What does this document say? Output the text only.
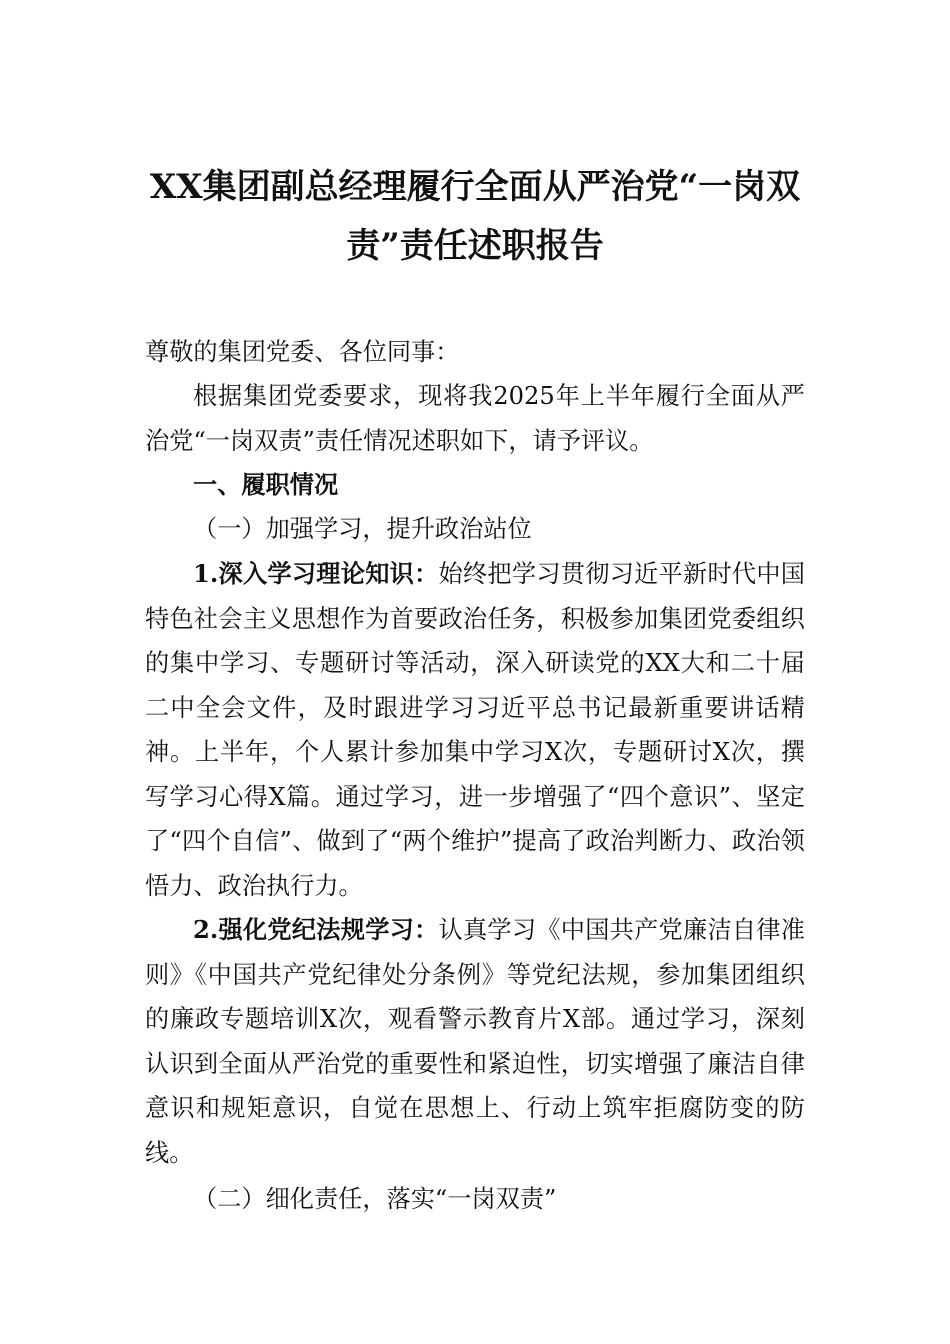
XX集团副总经理履行全面从严治党“一岗双责”责任述职报告

尊敬的集团党委、各位同事：

根据集团党委要求，现将我2025年上半年履行全面从严治党“一岗双责”责任情况述职如下，请予评议。

一、履职情况

（一）加强学习，提升政治站位

1.深入学习理论知识：始终把学习贯彻习近平新时代中国特色社会主义思想作为首要政治任务，积极参加集团党委组织的集中学习、专题研讨等活动，深入研读党的XX大和二十届二中全会文件，及时跟进学习习近平总书记最新重要讲话精神。上半年，个人累计参加集中学习X次，专题研讨X次，撰写学习心得X篇。通过学习，进一步增强了“四个意识”、坚定了“四个自信”、做到了“两个维护”提高了政治判断力、政治领悟力、政治执行力。

2.强化党纪法规学习：认真学习《中国共产党廉洁自律准则》《中国共产党纪律处分条例》等党纪法规，参加集团组织的廉政专题培训X次，观看警示教育片X部。通过学习，深刻认识到全面从严治党的重要性和紧迫性，切实增强了廉洁自律意识和规矩意识，自觉在思想上、行动上筑牢拒腐防变的防线。

（二）细化责任，落实“一岗双责”
